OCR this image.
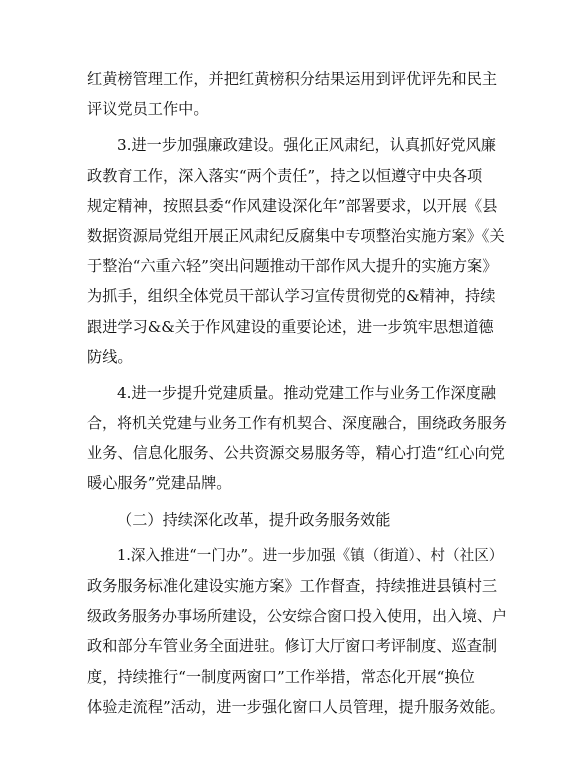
红黄榜管理工作，并把红黄榜积分结果运用到评优评先和民主
评议党员工作中。
3.进一步加强廉政建设。强化正风肃纪，认真抓好党风廉
政教育工作，深入落实“两个责任”，持之以恒遵守中央各项
规定精神，按照县委“作风建设深化年”部署要求，以开展《县
数据资源局党组开展正风肃纪反腐集中专项整治实施方案》《关
于整治“六重六轻”突出问题推动干部作风大提升的实施方案》
为抓手，组织全体党员干部认学习宣传贯彻党的&精神，持续
跟进学习&&关于作风建设的重要论述，进一步筑牢思想道德
防线。
4.进一步提升党建质量。推动党建工作与业务工作深度融
合，将机关党建与业务工作有机契合、深度融合，围绕政务服务
业务、信息化服务、公共资源交易服务等，精心打造“红心向党
暖心服务”党建品牌。
（二）持续深化改革，提升政务服务效能
1.深入推进“一门办”。进一步加强《镇（街道）、村（社区）
政务服务标准化建设实施方案》工作督查，持续推进县镇村三
级政务服务办事场所建设，公安综合窗口投入使用，出入境、户
政和部分车管业务全面进驻。修订大厅窗口考评制度、巡查制
度，持续推行“一制度两窗口”工作举措，常态化开展“换位
体验走流程”活动，进一步强化窗口人员管理，提升服务效能。
